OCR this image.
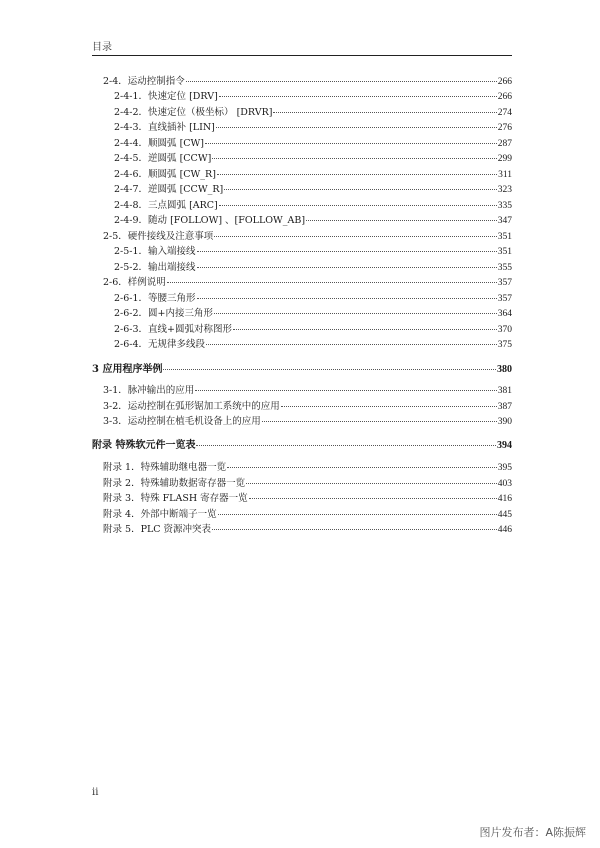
目录
2-4．运动控制指令	266
2-4-1．快速定位 [DRV]	266
2-4-2．快速定位（极坐标） [DRVR]	274
2-4-3．直线插补 [LIN]	276
2-4-4．顺圆弧 [CW]	287
2-4-5．逆圆弧 [CCW]	299
2-4-6．顺圆弧 [CW_R]	311
2-4-7．逆圆弧 [CCW_R]	323
2-4-8．三点圆弧 [ARC]	335
2-4-9．随动 [FOLLOW] 、[FOLLOW_AB]	347
2-5．硬件接线及注意事项	351
2-5-1．输入端接线	351
2-5-2．输出端接线	355
2-6．样例说明	357
2-6-1．等腰三角形	357
2-6-2．圆+内接三角形	364
2-6-3．直线+圆弧对称图形	370
2-6-4．无规律多线段	375
3 应用程序举例	380
3-1．脉冲输出的应用	381
3-2．运动控制在弧形锯加工系统中的应用	387
3-3．运动控制在植毛机设备上的应用	390
附录 特殊软元件一览表	394
附录 1．特殊辅助继电器一览	395
附录 2．特殊辅助数据寄存器一览	403
附录 3．特殊 FLASH 寄存器一览	416
附录 4．外部中断端子一览	445
附录 5．PLC 资源冲突表	446
ii
图片发布者：A陈振辉
